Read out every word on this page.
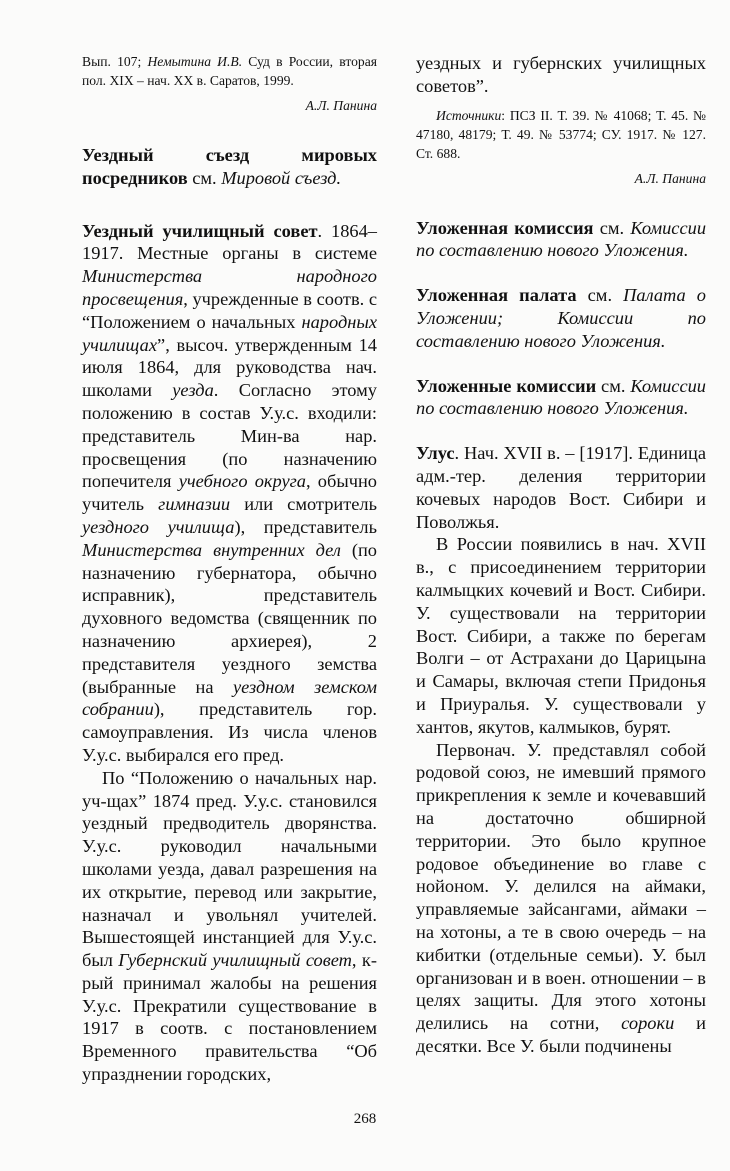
Вып. 107; Немытина И.В. Суд в России, вторая пол. XIX – нач. XX в. Саратов, 1999.

А.Л. Панина

Уездный съезд мировых посредников см. Мировой съезд.

Уездный училищный совет. 1864–1917. Местные органы в системе Министерства народного просвещения, учрежденные в соотв. с “Положением о начальных народных училищах”, высоч. утвержденным 14 июля 1864, для руководства нач. школами уезда. Согласно этому положению в состав У.у.с. входили: представитель Мин-ва нар. просвещения (по назначению попечителя учебного округа, обычно учитель гимназии или смотритель уездного училища), представитель Министерства внутренних дел (по назначению губернатора, обычно исправник), представитель духовного ведомства (священник по назначению архиерея), 2 представителя уездного земства (выбранные на уездном земском собрании), представитель гор. самоуправления. Из числа членов У.у.с. выбирался его пред.

По “Положению о начальных нар. уч-щах” 1874 пред. У.у.с. становился уездный предводитель дворянства. У.у.с. руководил начальными школами уезда, давал разрешения на их открытие, перевод или закрытие, назначал и увольнял учителей. Вышестоящей инстанцией для У.у.с. был Губернский училищный совет, к-рый принимал жалобы на решения У.у.с. Прекратили существование в 1917 в соотв. с постановлением Временного правительства “Об упразднении городских,

уездных и губернских училищных советов”.

Источники: ПСЗ II. Т. 39. № 41068; Т. 45. № 47180, 48179; Т. 49. № 53774; СУ. 1917. № 127. Ст. 688.

А.Л. Панина

Уложенная комиссия см. Комиссии по составлению нового Уложения.

Уложенная палата см. Палата о Уложении; Комиссии по составлению нового Уложения.

Уложенные комиссии см. Комиссии по составлению нового Уложения.

Улус. Нач. XVII в. – [1917]. Единица адм.-тер. деления территории кочевых народов Вост. Сибири и Поволжья.

В России появились в нач. XVII в., с присоединением территории калмыцких кочевий и Вост. Сибири. У. существовали на территории Вост. Сибири, а также по берегам Волги – от Астрахани до Царицына и Самары, включая степи Придонья и Приуралья. У. существовали у хантов, якутов, калмыков, бурят.

Первонач. У. представлял собой родовой союз, не имевший прямого прикрепления к земле и кочевавший на достаточно обширной территории. Это было крупное родовое объединение во главе с нойоном. У. делился на аймаки, управляемые зайсангами, аймаки – на хотоны, а те в свою очередь – на кибитки (отдельные семьи). У. был организован и в воен. отношении – в целях защиты. Для этого хотоны делились на сотни, сороки и десятки. Все У. были подчинены

268
